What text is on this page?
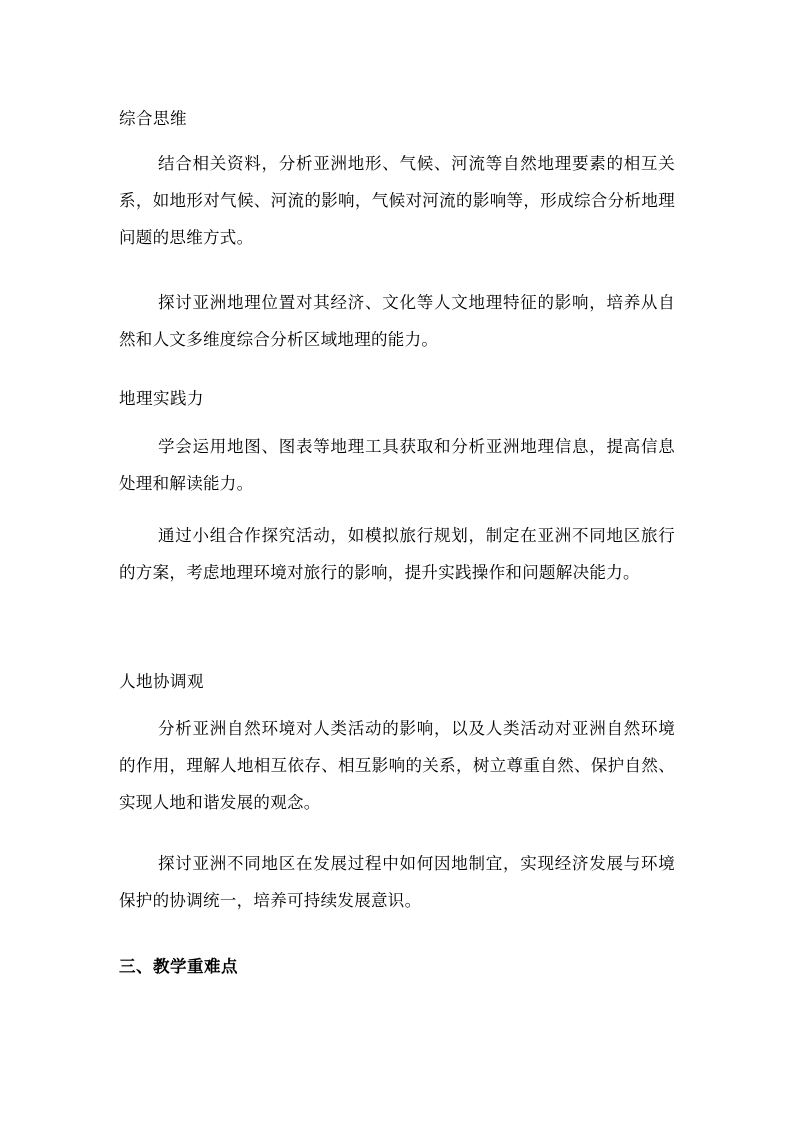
综合思维

结合相关资料，分析亚洲地形、气候、河流等自然地理要素的相互关系，如地形对气候、河流的影响，气候对河流的影响等，形成综合分析地理问题的思维方式。

探讨亚洲地理位置对其经济、文化等人文地理特征的影响，培养从自然和人文多维度综合分析区域地理的能力。

地理实践力

学会运用地图、图表等地理工具获取和分析亚洲地理信息，提高信息处理和解读能力。

通过小组合作探究活动，如模拟旅行规划，制定在亚洲不同地区旅行的方案，考虑地理环境对旅行的影响，提升实践操作和问题解决能力。

人地协调观

分析亚洲自然环境对人类活动的影响，以及人类活动对亚洲自然环境的作用，理解人地相互依存、相互影响的关系，树立尊重自然、保护自然、实现人地和谐发展的观念。

探讨亚洲不同地区在发展过程中如何因地制宜，实现经济发展与环境保护的协调统一，培养可持续发展意识。

三、教学重难点
